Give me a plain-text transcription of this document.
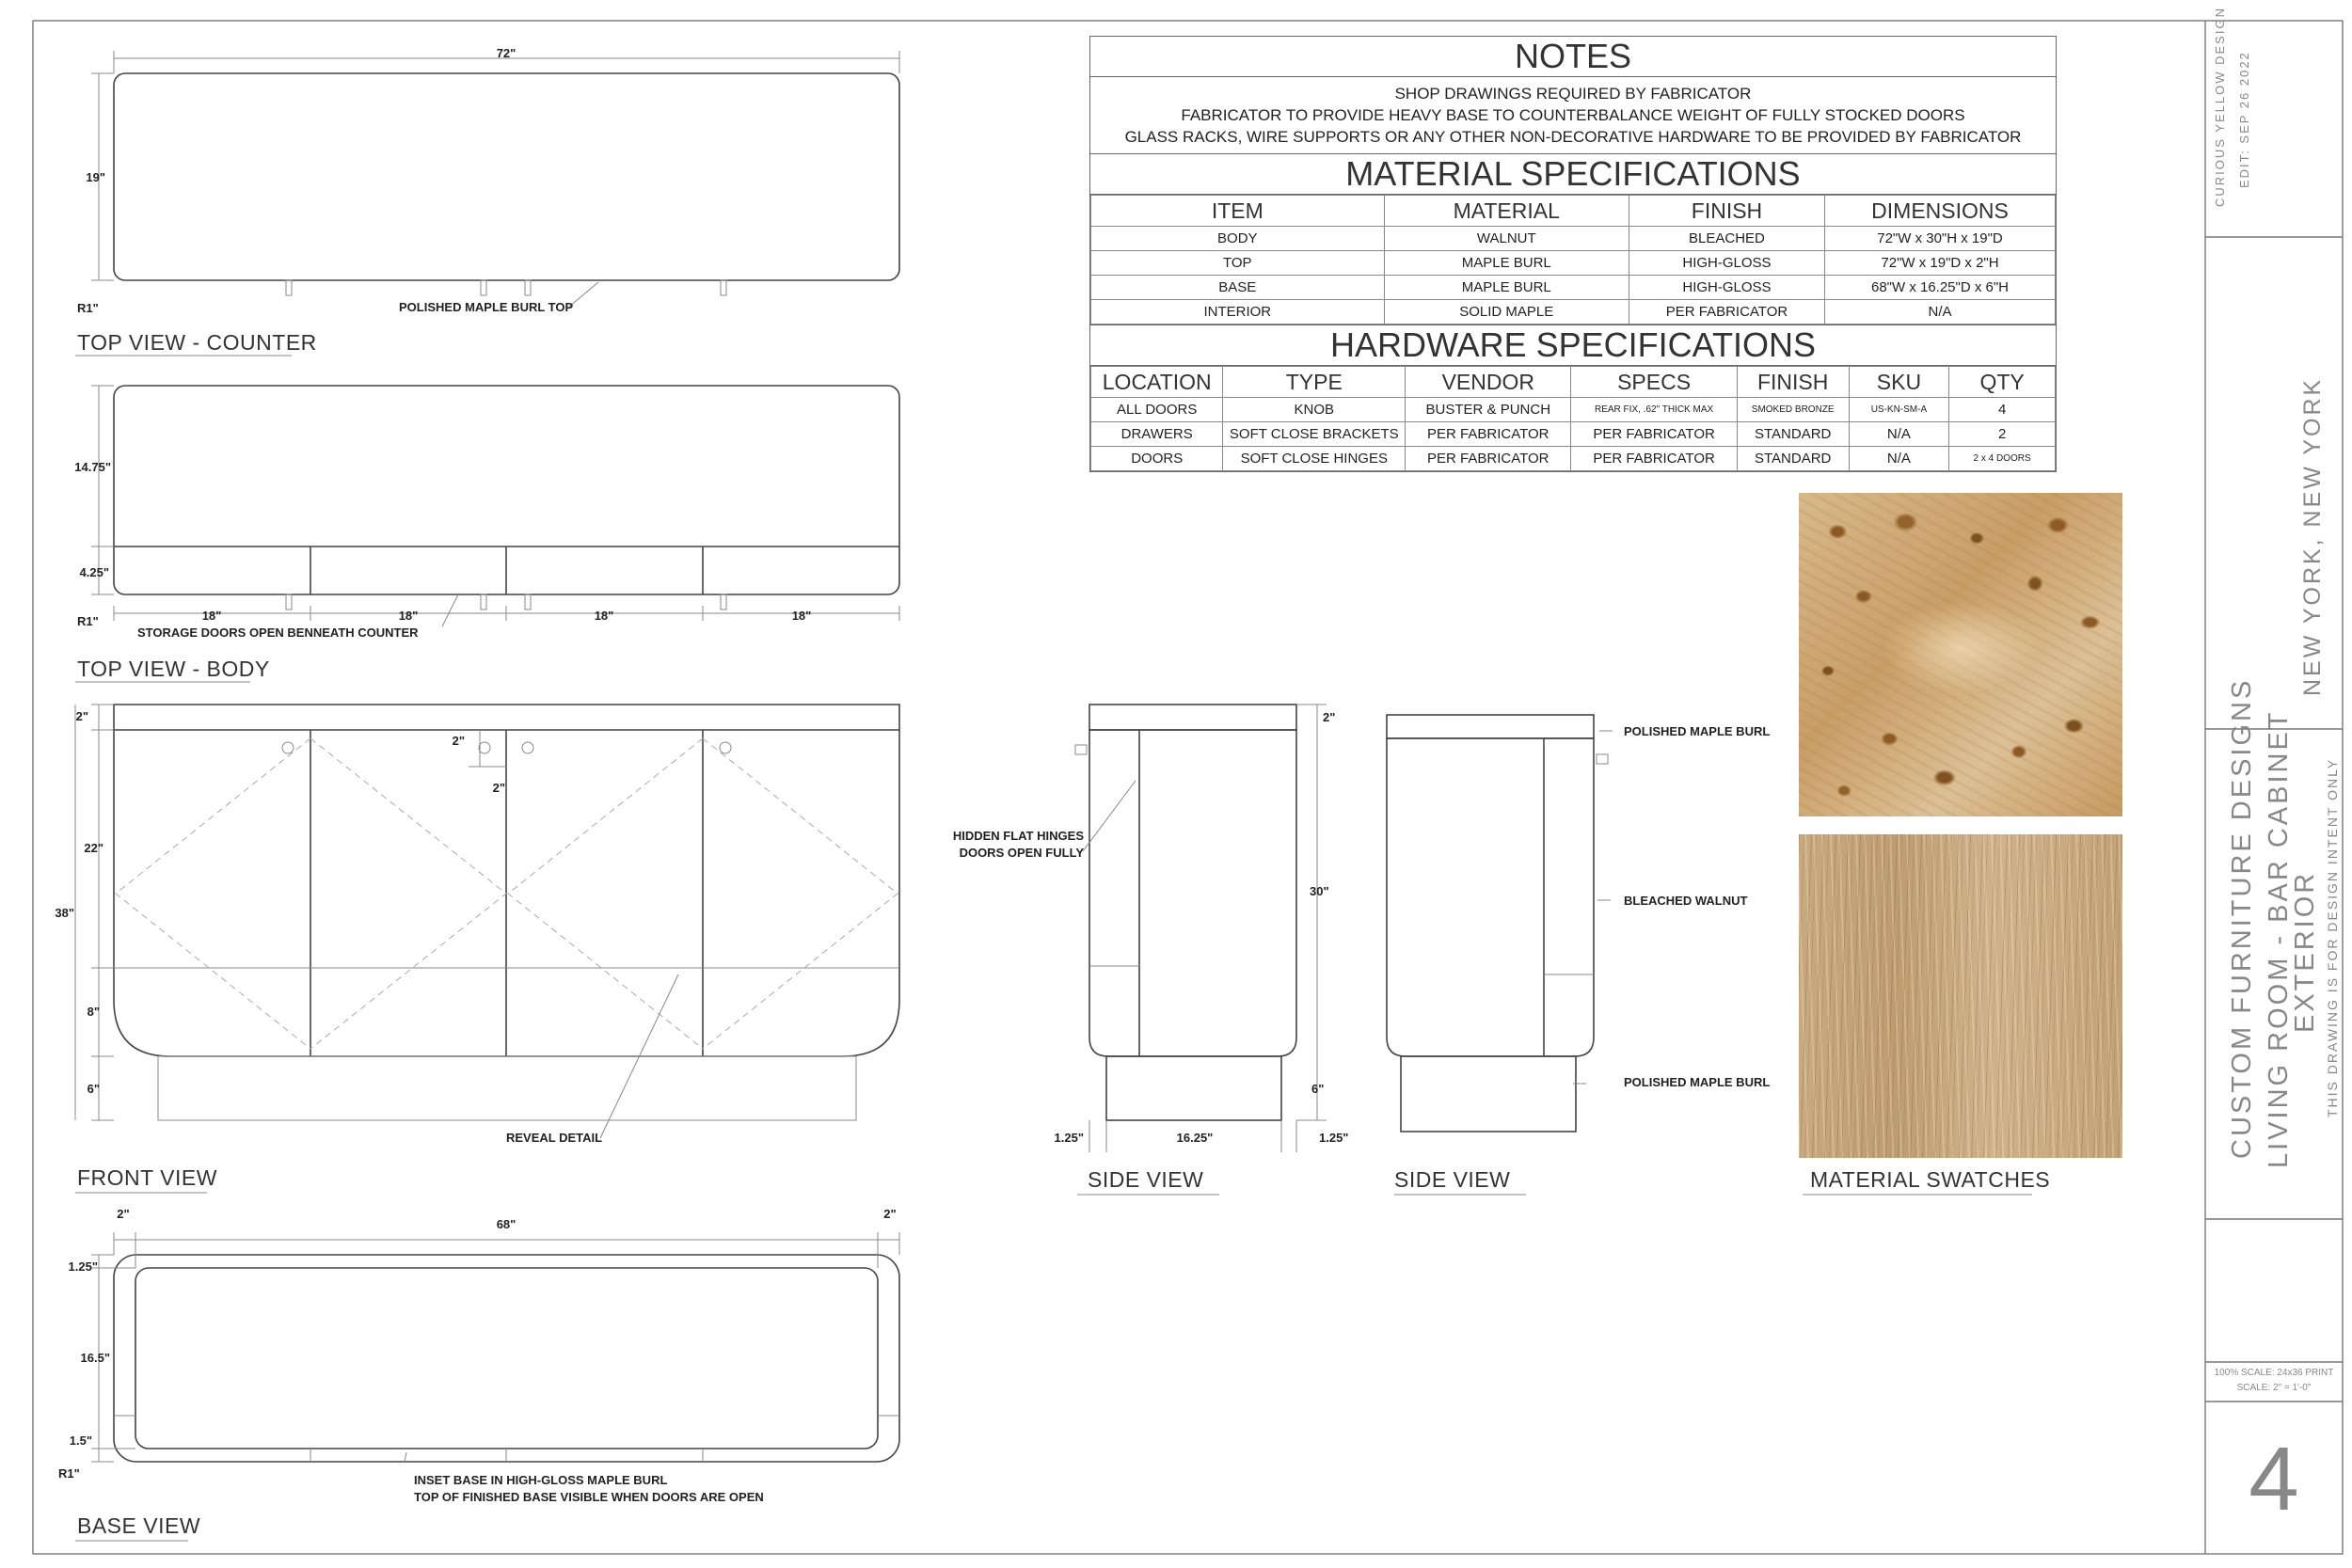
72"
19"
R1"	POLISHED MAPLE BURL TOP
TOP VIEW - COUNTER
14.75"
4.25"
R1"	18"	18"	18"	18"
STORAGE DOORS OPEN BENNEATH COUNTER
TOP VIEW - BODY
2"
2"
2"
22"
38"
8"
6"
REVEAL DETAIL
FRONT VIEW
2"
30"
6"
1.25"	16.25"	1.25"
HIDDEN FLAT HINGES
DOORS OPEN FULLY
SIDE VIEW
POLISHED MAPLE BURL
BLEACHED WALNUT
POLISHED MAPLE BURL
SIDE VIEW
2"
68"
2"
1.25"
16.5"
1.5"
R1"	INSET BASE IN HIGH-GLOSS MAPLE BURL
TOP OF FINISHED BASE VISIBLE WHEN DOORS ARE OPEN
BASE VIEW
MATERIAL SWATCHES
CURIOUS YELLOW DESIGN EDIT: SEP 26 2022
NEW YORK, NEW YORK
CUSTOM FURNITURE DESIGNS LIVING ROOM - BAR CABINET
EXTERIOR THIS DRAWING IS FOR DESIGN INTENT ONLY
100% SCALE: 24x36 PRINT
SCALE: 2" = 1'-0"
4
NOTES
SHOP DRAWINGS REQUIRED BY FABRICATOR
FABRICATOR TO PROVIDE HEAVY BASE TO COUNTERBALANCE WEIGHT OF FULLY STOCKED DOORS
GLASS RACKS, WIRE SUPPORTS OR ANY OTHER NON-DECORATIVE HARDWARE TO BE PROVIDED BY FABRICATOR
MATERIAL SPECIFICATIONS
ITEM	MATERIAL	FINISH	DIMENSIONS
BODY	WALNUT	BLEACHED	72"W x 30"H x 19"D
TOP	MAPLE BURL	HIGH-GLOSS	72"W x 19"D x 2"H
BASE	MAPLE BURL	HIGH-GLOSS	68"W x 16.25"D x 6"H
INTERIOR	SOLID MAPLE	PER FABRICATOR	N/A
HARDWARE SPECIFICATIONS
LOCATION	TYPE	VENDOR	SPECS	FINISH	SKU	QTY
ALL DOORS	KNOB	BUSTER & PUNCH	REAR FIX, .62" THICK MAX	SMOKED BRONZE	US-KN-SM-A	4
DRAWERS	SOFT CLOSE BRACKETS	PER FABRICATOR	PER FABRICATOR	STANDARD	N/A	2
DOORS	SOFT CLOSE HINGES	PER FABRICATOR	PER FABRICATOR	STANDARD	N/A	2 x 4 DOORS
